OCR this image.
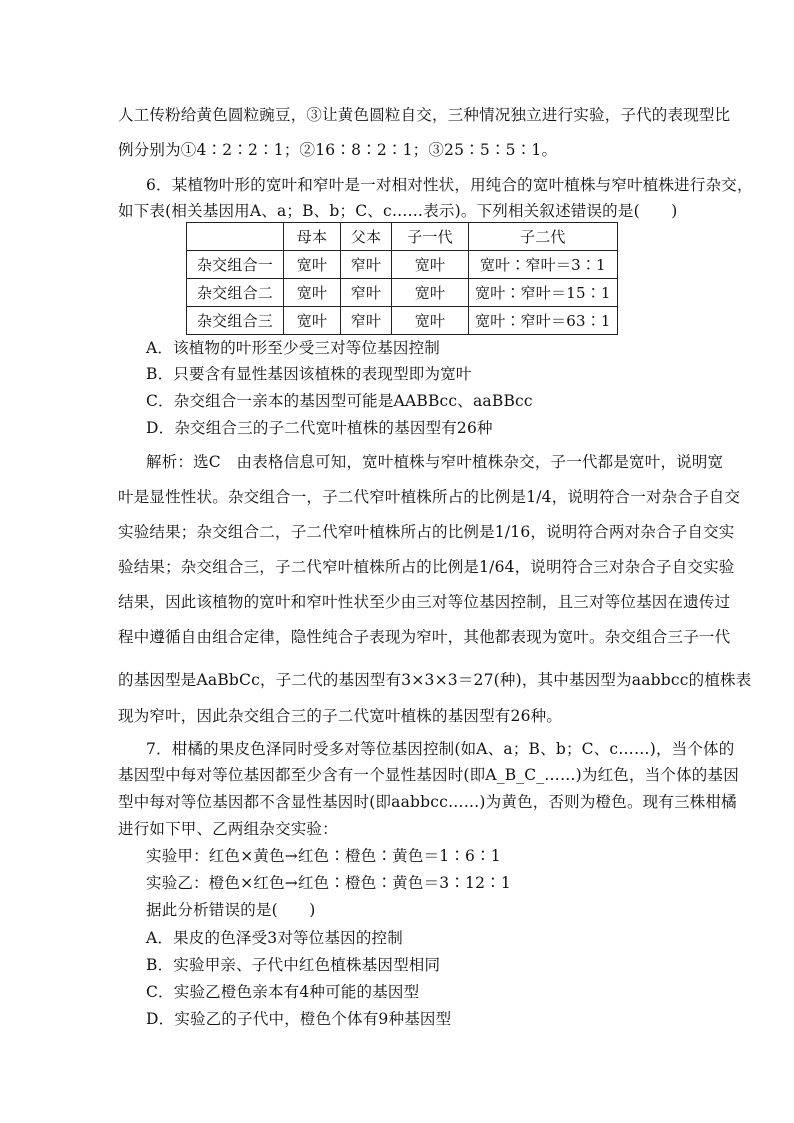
人工传粉给黄色圆粒豌豆，③让黄色圆粒自交，三种情况独立进行实验，子代的表现型比
例分别为①4∶2∶2∶1；②16∶8∶2∶1；③25∶5∶5∶1。
6．某植物叶形的宽叶和窄叶是一对相对性状，用纯合的宽叶植株与窄叶植株进行杂交，
如下表(相关基因用A、a；B、b；C、c……表示)。下列相关叙述错误的是(　　)
	母本	父本	子一代	子二代
杂交组合一	宽叶	窄叶	宽叶	宽叶∶窄叶＝3∶1
杂交组合二	宽叶	窄叶	宽叶	宽叶∶窄叶＝15∶1
杂交组合三	宽叶	窄叶	宽叶	宽叶∶窄叶＝63∶1
A．该植物的叶形至少受三对等位基因控制
B．只要含有显性基因该植株的表现型即为宽叶
C．杂交组合一亲本的基因型可能是AABBcc、aaBBcc
D．杂交组合三的子二代宽叶植株的基因型有26种
解析：选C　由表格信息可知，宽叶植株与窄叶植株杂交，子一代都是宽叶，说明宽
叶是显性性状。杂交组合一，子二代窄叶植株所占的比例是1/4，说明符合一对杂合子自交
实验结果；杂交组合二，子二代窄叶植株所占的比例是1/16，说明符合两对杂合子自交实
验结果；杂交组合三，子二代窄叶植株所占的比例是1/64，说明符合三对杂合子自交实验
结果，因此该植物的宽叶和窄叶性状至少由三对等位基因控制，且三对等位基因在遗传过
程中遵循自由组合定律，隐性纯合子表现为窄叶，其他都表现为宽叶。杂交组合三子一代
的基因型是AaBbCc，子二代的基因型有3×3×3＝27(种)，其中基因型为aabbcc的植株表
现为窄叶，因此杂交组合三的子二代宽叶植株的基因型有26种。
7．柑橘的果皮色泽同时受多对等位基因控制(如A、a；B、b；C、c……)，当个体的
基因型中每对等位基因都至少含有一个显性基因时(即A_B_C_……)为红色，当个体的基因
型中每对等位基因都不含显性基因时(即aabbcc……)为黄色，否则为橙色。现有三株柑橘
进行如下甲、乙两组杂交实验：
实验甲：红色×黄色→红色∶橙色∶黄色＝1∶6∶1
实验乙：橙色×红色→红色∶橙色∶黄色＝3∶12∶1
据此分析错误的是(　　)
A．果皮的色泽受3对等位基因的控制
B．实验甲亲、子代中红色植株基因型相同
C．实验乙橙色亲本有4种可能的基因型
D．实验乙的子代中，橙色个体有9种基因型
